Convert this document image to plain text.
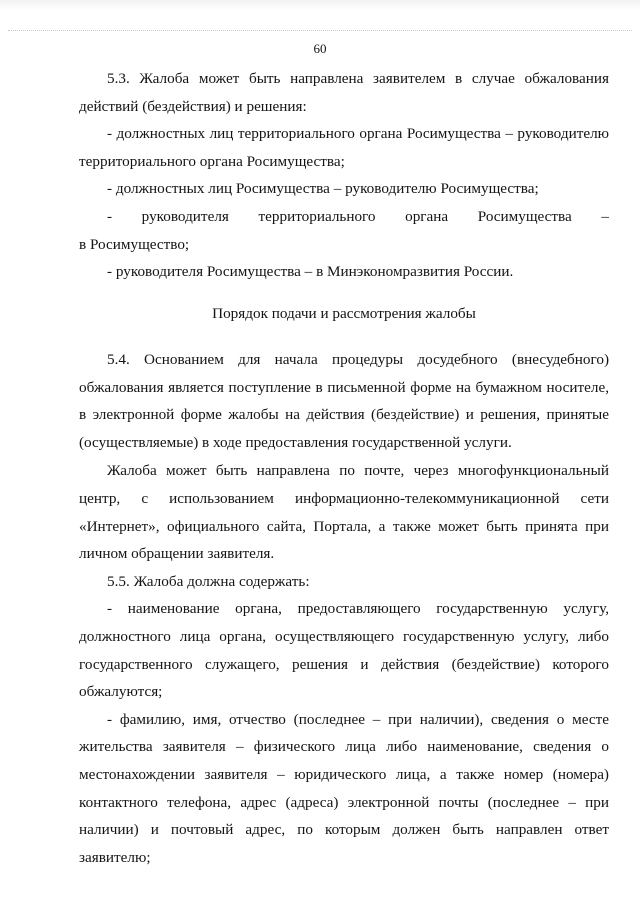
60

5.3. Жалоба может быть направлена заявителем в случае обжалования действий (бездействия) и решения:

- должностных лиц территориального органа Росимущества – руководителю территориального органа Росимущества;

- должностных лиц Росимущества – руководителю Росимущества;

- руководителя территориального органа Росимущества –

в Росимущество;

- руководителя Росимущества – в Минэкономразвития России.

Порядок подачи и рассмотрения жалобы

5.4. Основанием для начала процедуры досудебного (внесудебного) обжалования является поступление в письменной форме на бумажном носителе, в электронной форме жалобы на действия (бездействие) и решения, принятые (осуществляемые) в ходе предоставления государственной услуги.

Жалоба может быть направлена по почте, через многофункциональный центр, с использованием информационно-телекоммуникационной сети «Интернет», официального сайта, Портала, а также может быть принята при личном обращении заявителя.

5.5. Жалоба должна содержать:

- наименование органа, предоставляющего государственную услугу, должностного лица органа, осуществляющего государственную услугу, либо государственного служащего, решения и действия (бездействие) которого обжалуются;

- фамилию, имя, отчество (последнее – при наличии), сведения о месте жительства заявителя – физического лица либо наименование, сведения о местонахождении заявителя – юридического лица, а также номер (номера) контактного телефона, адрес (адреса) электронной почты (последнее – при наличии) и почтовый адрес, по которым должен быть направлен ответ заявителю;
